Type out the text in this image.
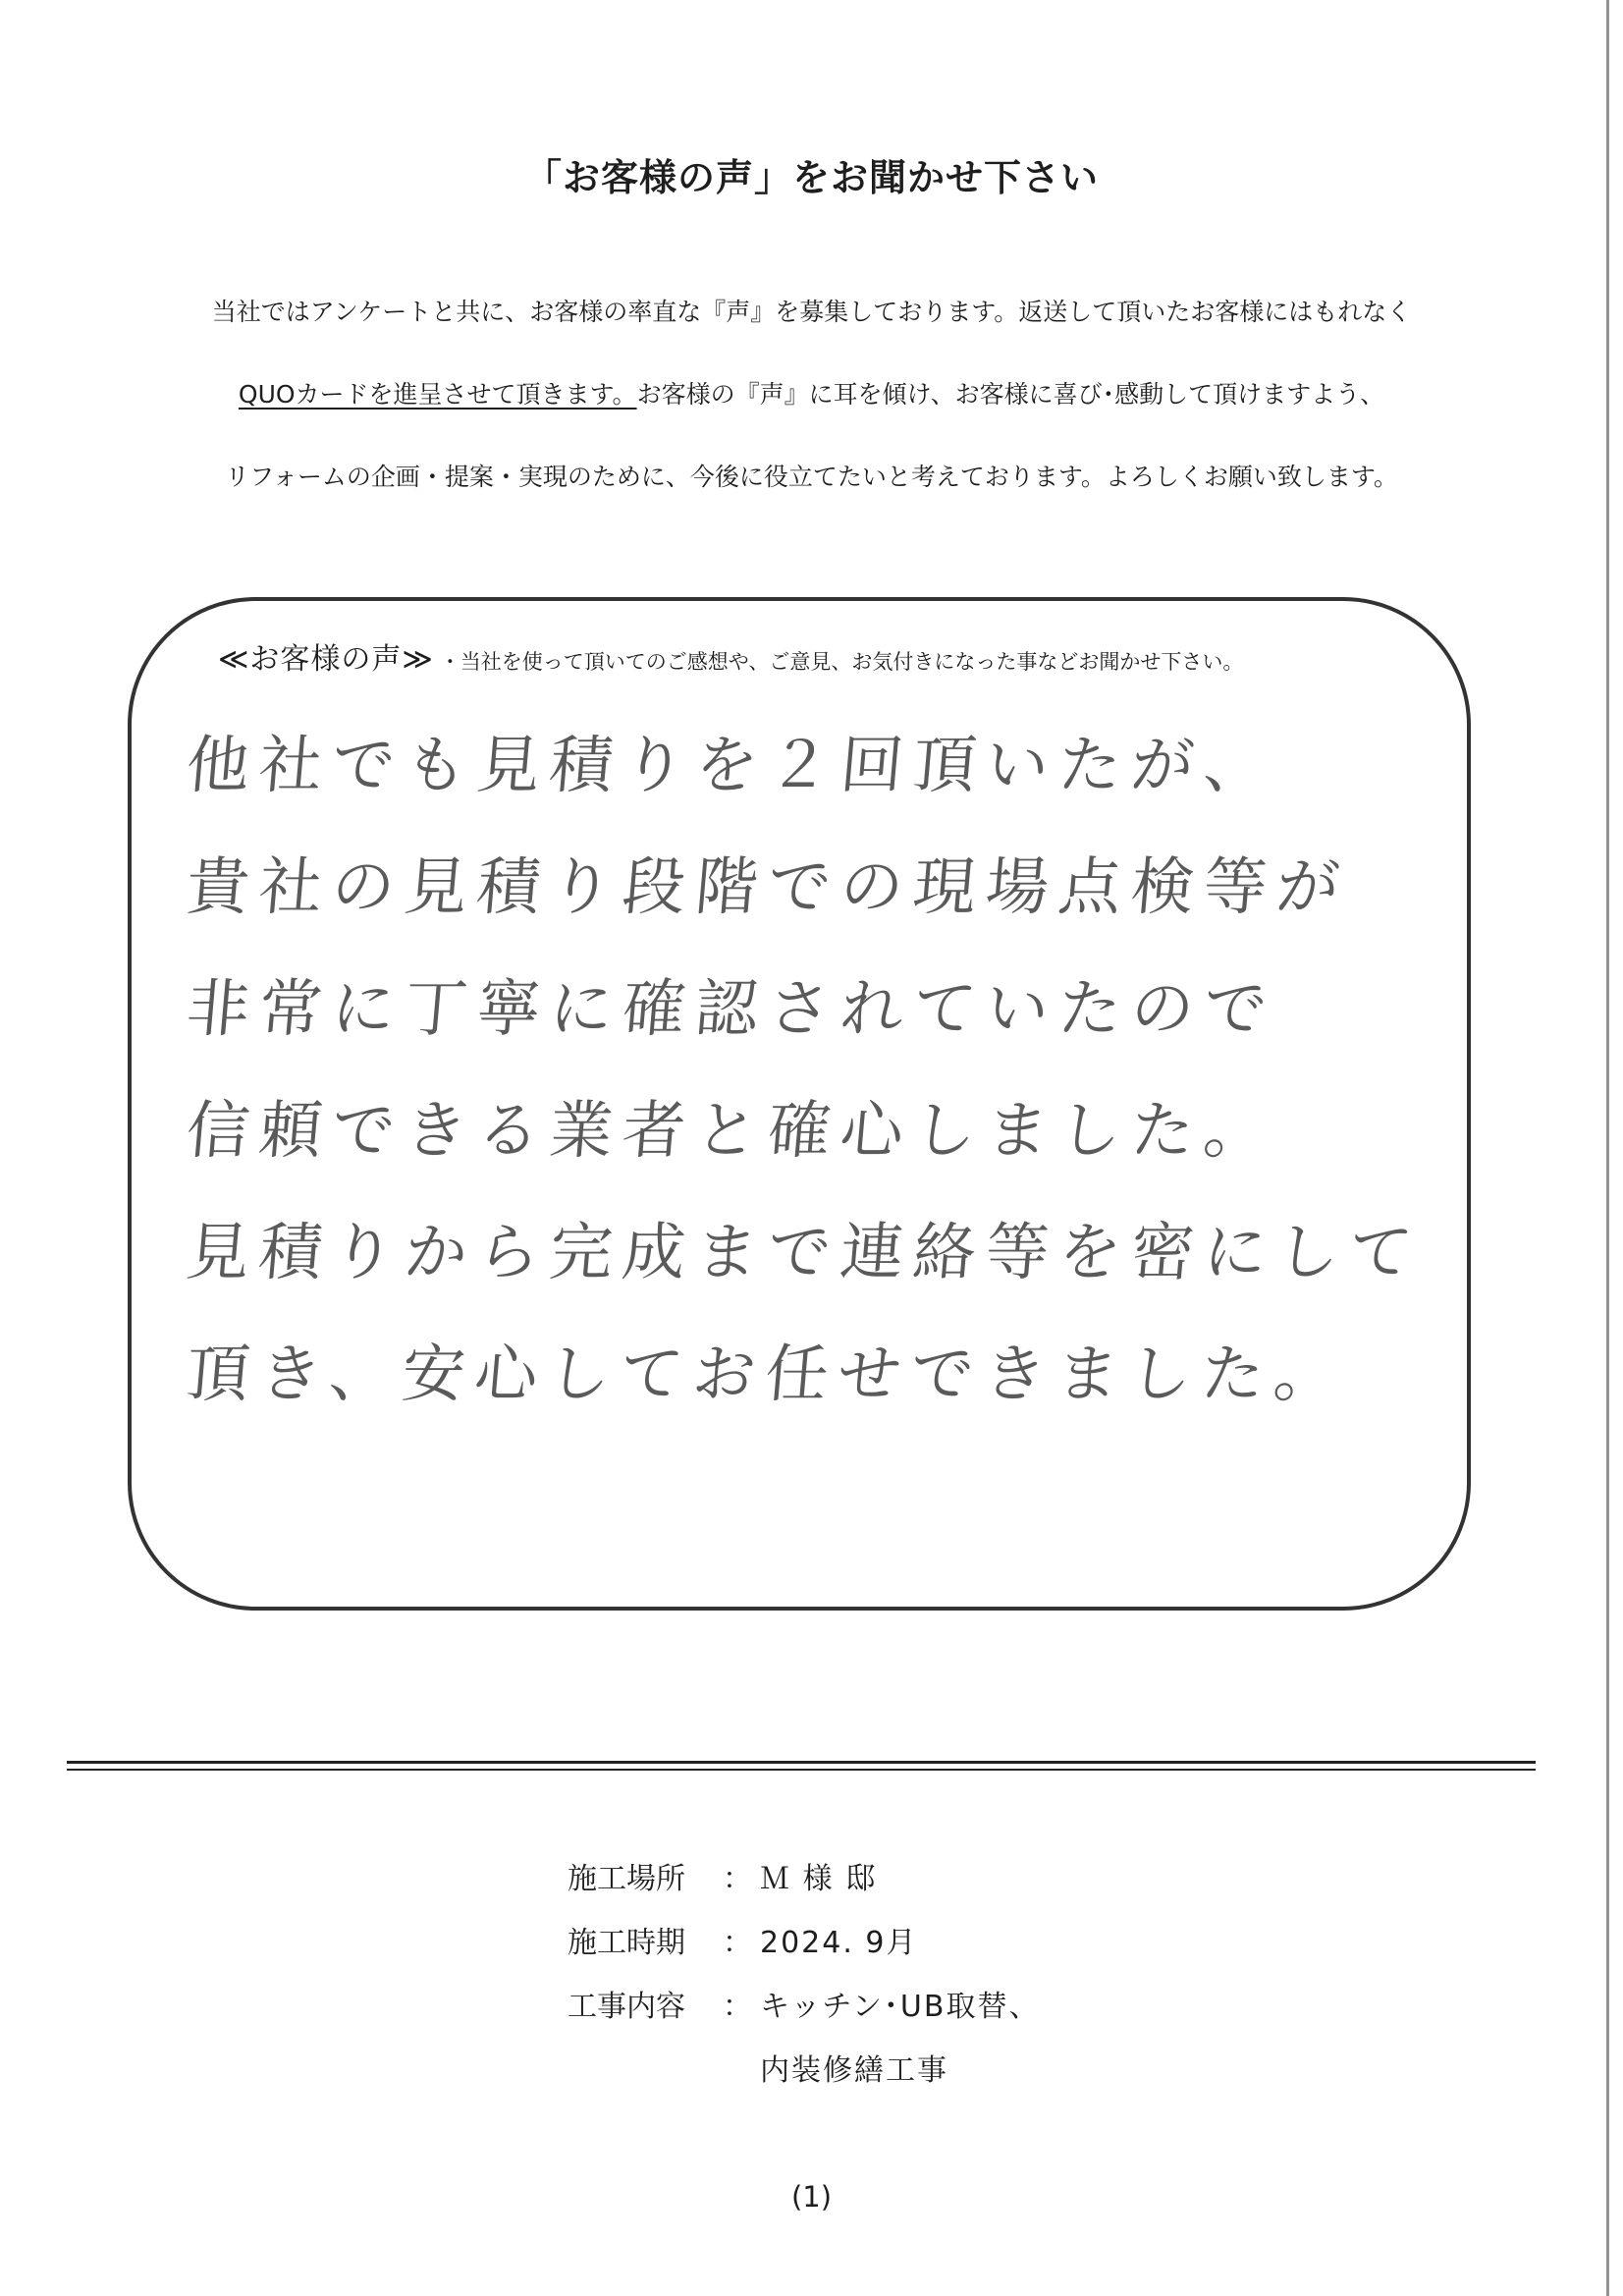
「お客様の声」をお聞かせ下さい
当社ではアンケートと共に、お客様の率直な『声』を募集しております。返送して頂いたお客様にはもれなく
QUOカードを進呈させて頂きます。お客様の『声』に耳を傾け、お客様に喜び･感動して頂けますよう、
リフォームの企画・提案・実現のために、今後に役立てたいと考えております。よろしくお願い致します。
≪お客様の声≫ ・当社を使って頂いてのご感想や、ご意見、お気付きになった事などお聞かせ下さい。
他社でも見積りを２回頂いたが、
貴社の見積り段階での現場点検等が
非常に丁寧に確認されていたので
信頼できる業者と確心しました。
見積りから完成まで連絡等を密にして
頂き、安心してお任せできました。
施工場所	： Ｍ 様 邸
施工時期	： 2024. 9月
工事内容	： キッチン･UB取替、
内装修繕工事
(1)
